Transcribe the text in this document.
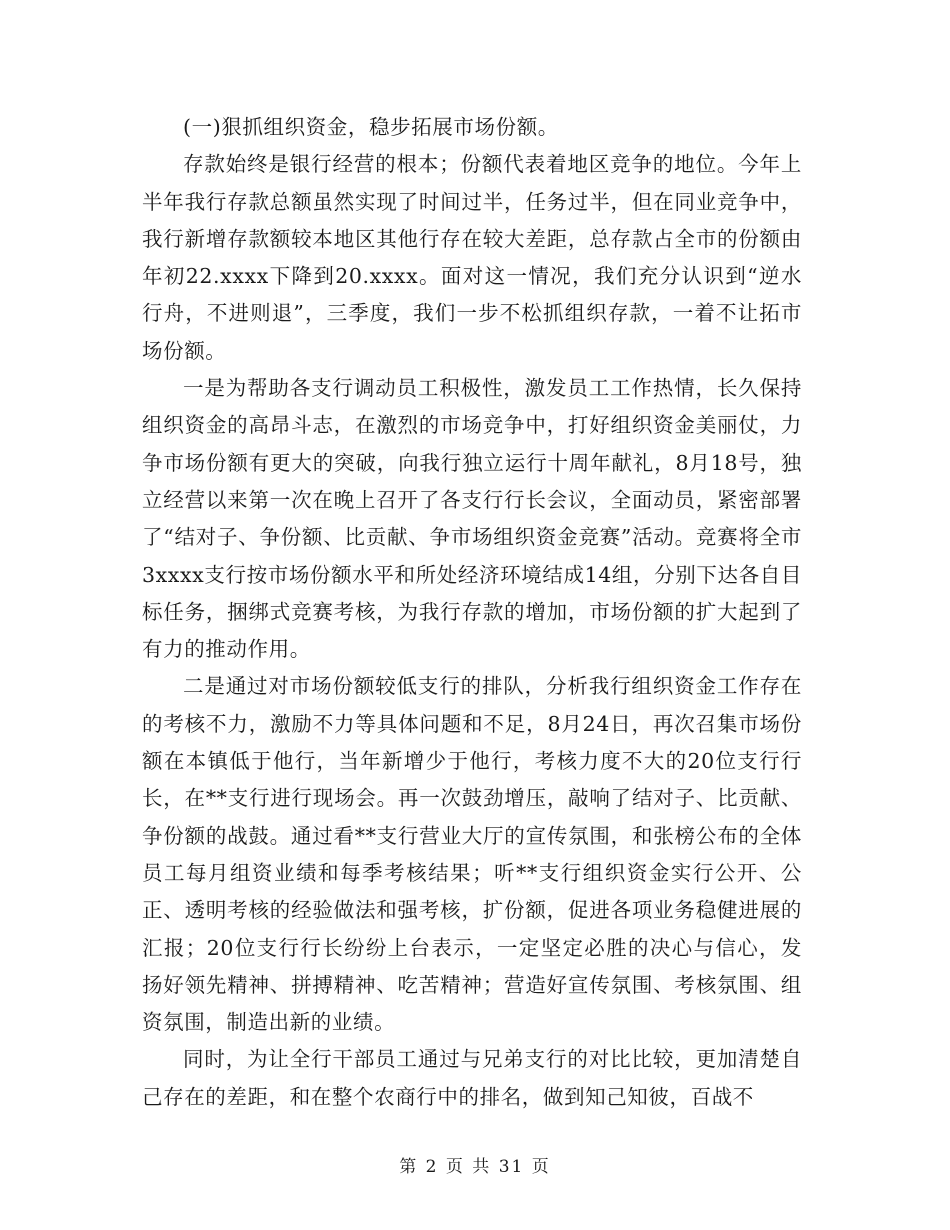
(一)狠抓组织资金，稳步拓展市场份额。

存款始终是银行经营的根本；份额代表着地区竞争的地位。今年上半年我行存款总额虽然实现了时间过半，任务过半，但在同业竞争中，我行新增存款额较本地区其他行存在较大差距，总存款占全市的份额由年初22.xxxx下降到20.xxxx。面对这一情况，我们充分认识到“逆水行舟，不进则退”，三季度，我们一步不松抓组织存款，一着不让拓市场份额。

一是为帮助各支行调动员工积极性，激发员工工作热情，长久保持组织资金的高昂斗志，在激烈的市场竞争中，打好组织资金美丽仗，力争市场份额有更大的突破，向我行独立运行十周年献礼，8月18号，独立经营以来第一次在晚上召开了各支行行长会议，全面动员，紧密部署了“结对子、争份额、比贡献、争市场组织资金竞赛”活动。竞赛将全市3xxxx支行按市场份额水平和所处经济环境结成14组，分别下达各自目标任务，捆绑式竞赛考核，为我行存款的增加，市场份额的扩大起到了有力的推动作用。

二是通过对市场份额较低支行的排队，分析我行组织资金工作存在的考核不力，激励不力等具体问题和不足，8月24日，再次召集市场份额在本镇低于他行，当年新增少于他行，考核力度不大的20位支行行长，在**支行进行现场会。再一次鼓劲增压，敲响了结对子、比贡献、争份额的战鼓。通过看**支行营业大厅的宣传氛围，和张榜公布的全体员工每月组资业绩和每季考核结果；听**支行组织资金实行公开、公正、透明考核的经验做法和强考核，扩份额，促进各项业务稳健进展的汇报；20位支行行长纷纷上台表示，一定坚定必胜的决心与信心，发扬好领先精神、拼搏精神、吃苦精神；营造好宣传氛围、考核氛围、组资氛围，制造出新的业绩。

同时，为让全行干部员工通过与兄弟支行的对比比较，更加清楚自己存在的差距，和在整个农商行中的排名，做到知己知彼，百战不

第 2 页 共 31 页
